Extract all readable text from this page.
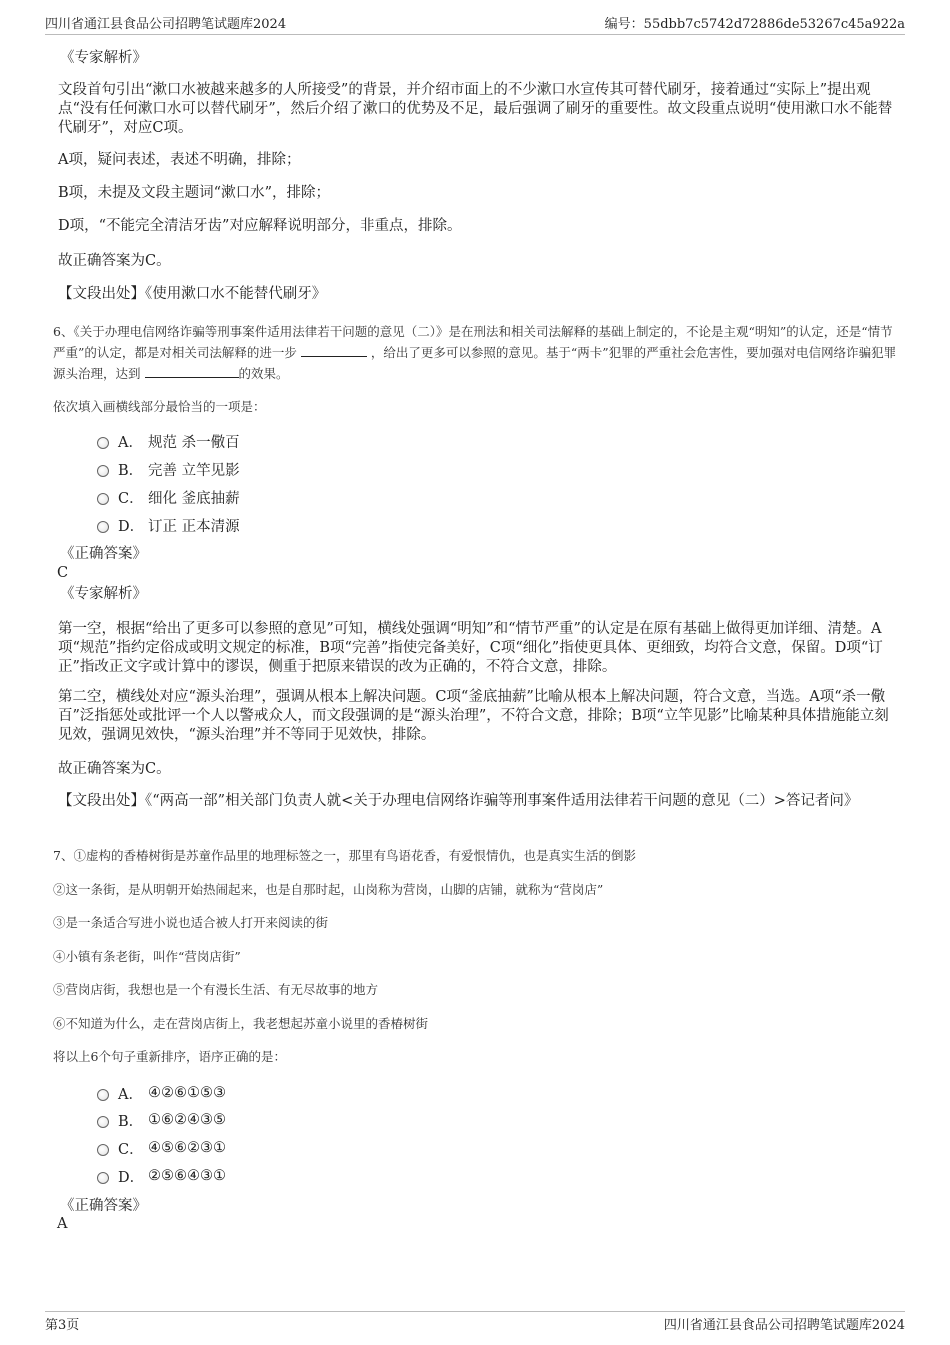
四川省通江县食品公司招聘笔试题库2024	编号：55dbb7c5742d72886de53267c45a922a
《专家解析》
文段首句引出“漱口水被越来越多的人所接受”的背景，并介绍市面上的不少漱口水宣传其可替代刷牙，接着通过“实际上”提出观点“没有任何漱口水可以替代刷牙”，然后介绍了漱口的优势及不足，最后强调了刷牙的重要性。故文段重点说明“使用漱口水不能替代刷牙”，对应C项。
A项，疑问表述，表述不明确，排除；
B项，未提及文段主题词“漱口水”，排除；
D项，“不能完全清洁牙齿”对应解释说明部分，非重点，排除。
故正确答案为C。
【文段出处】《使用漱口水不能替代刷牙》
6、《关于办理电信网络诈骗等刑事案件适用法律若干问题的意见（二）》是在刑法和相关司法解释的基础上制定的，不论是主观“明知”的认定，还是“情节严重”的认定，都是对相关司法解释的进一步	，给出了更多可以参照的意见。基于“两卡”犯罪的严重社会危害性，要加强对电信网络诈骗犯罪源头治理，达到	的效果。
依次填入画横线部分最恰当的一项是：
A． 规范 杀一儆百
B． 完善 立竿见影
C． 细化 釜底抽薪
D． 订正 正本清源
《正确答案》
C
《专家解析》
第一空，根据“给出了更多可以参照的意见”可知，横线处强调“明知”和“情节严重”的认定是在原有基础上做得更加详细、清楚。A项“规范”指约定俗成或明文规定的标准，B项“完善”指使完备美好，C项“细化”指使更具体、更细致，均符合文意，保留。D项“订正”指改正文字或计算中的谬误，侧重于把原来错误的改为正确的，不符合文意，排除。
第二空，横线处对应“源头治理”，强调从根本上解决问题。C项“釜底抽薪”比喻从根本上解决问题，符合文意，当选。A项“杀一儆百”泛指惩处或批评一个人以警戒众人，而文段强调的是“源头治理”，不符合文意，排除；B项“立竿见影”比喻某种具体措施能立刻见效，强调见效快，“源头治理”并不等同于见效快，排除。
故正确答案为C。
【文段出处】《“两高一部”相关部门负责人就<关于办理电信网络诈骗等刑事案件适用法律若干问题的意见（二）>答记者问》
7、①虚构的香椿树街是苏童作品里的地理标签之一，那里有鸟语花香，有爱恨情仇，也是真实生活的倒影
②这一条街，是从明朝开始热闹起来，也是自那时起，山岗称为营岗，山脚的店铺，就称为“营岗店”
③是一条适合写进小说也适合被人打开来阅读的街
④小镇有条老街，叫作“营岗店街”
⑤营岗店街，我想也是一个有漫长生活、有无尽故事的地方
⑥不知道为什么，走在营岗店街上，我老想起苏童小说里的香椿树街
将以上6个句子重新排序，语序正确的是：
A． ④②⑥①⑤③
B． ①⑥②④③⑤
C． ④⑤⑥②③①
D． ②⑤⑥④③①
《正确答案》
A
第3页	四川省通江县食品公司招聘笔试题库2024
